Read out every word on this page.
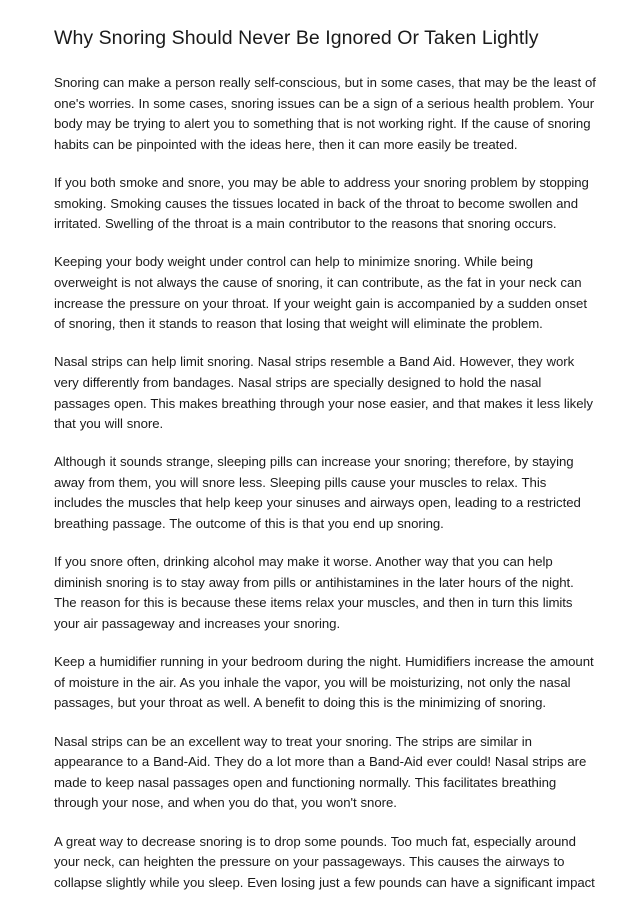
Why Snoring Should Never Be Ignored Or Taken Lightly

Snoring can make a person really self-conscious, but in some cases, that may be the least of
one's worries. In some cases, snoring issues can be a sign of a serious health problem. Your
body may be trying to alert you to something that is not working right. If the cause of snoring
habits can be pinpointed with the ideas here, then it can more easily be treated.

If you both smoke and snore, you may be able to address your snoring problem by stopping
smoking. Smoking causes the tissues located in back of the throat to become swollen and
irritated. Swelling of the throat is a main contributor to the reasons that snoring occurs.

Keeping your body weight under control can help to minimize snoring. While being
overweight is not always the cause of snoring, it can contribute, as the fat in your neck can
increase the pressure on your throat. If your weight gain is accompanied by a sudden onset
of snoring, then it stands to reason that losing that weight will eliminate the problem.

Nasal strips can help limit snoring. Nasal strips resemble a Band Aid. However, they work
very differently from bandages. Nasal strips are specially designed to hold the nasal
passages open. This makes breathing through your nose easier, and that makes it less likely
that you will snore.

Although it sounds strange, sleeping pills can increase your snoring; therefore, by staying
away from them, you will snore less. Sleeping pills cause your muscles to relax. This
includes the muscles that help keep your sinuses and airways open, leading to a restricted
breathing passage. The outcome of this is that you end up snoring.

If you snore often, drinking alcohol may make it worse. Another way that you can help
diminish snoring is to stay away from pills or antihistamines in the later hours of the night.
The reason for this is because these items relax your muscles, and then in turn this limits
your air passageway and increases your snoring.

Keep a humidifier running in your bedroom during the night. Humidifiers increase the amount
of moisture in the air. As you inhale the vapor, you will be moisturizing, not only the nasal
passages, but your throat as well. A benefit to doing this is the minimizing of snoring.

Nasal strips can be an excellent way to treat your snoring. The strips are similar in
appearance to a Band-Aid. They do a lot more than a Band-Aid ever could! Nasal strips are
made to keep nasal passages open and functioning normally. This facilitates breathing
through your nose, and when you do that, you won't snore.

A great way to decrease snoring is to drop some pounds. Too much fat, especially around
your neck, can heighten the pressure on your passageways. This causes the airways to
collapse slightly while you sleep. Even losing just a few pounds can have a significant impact
